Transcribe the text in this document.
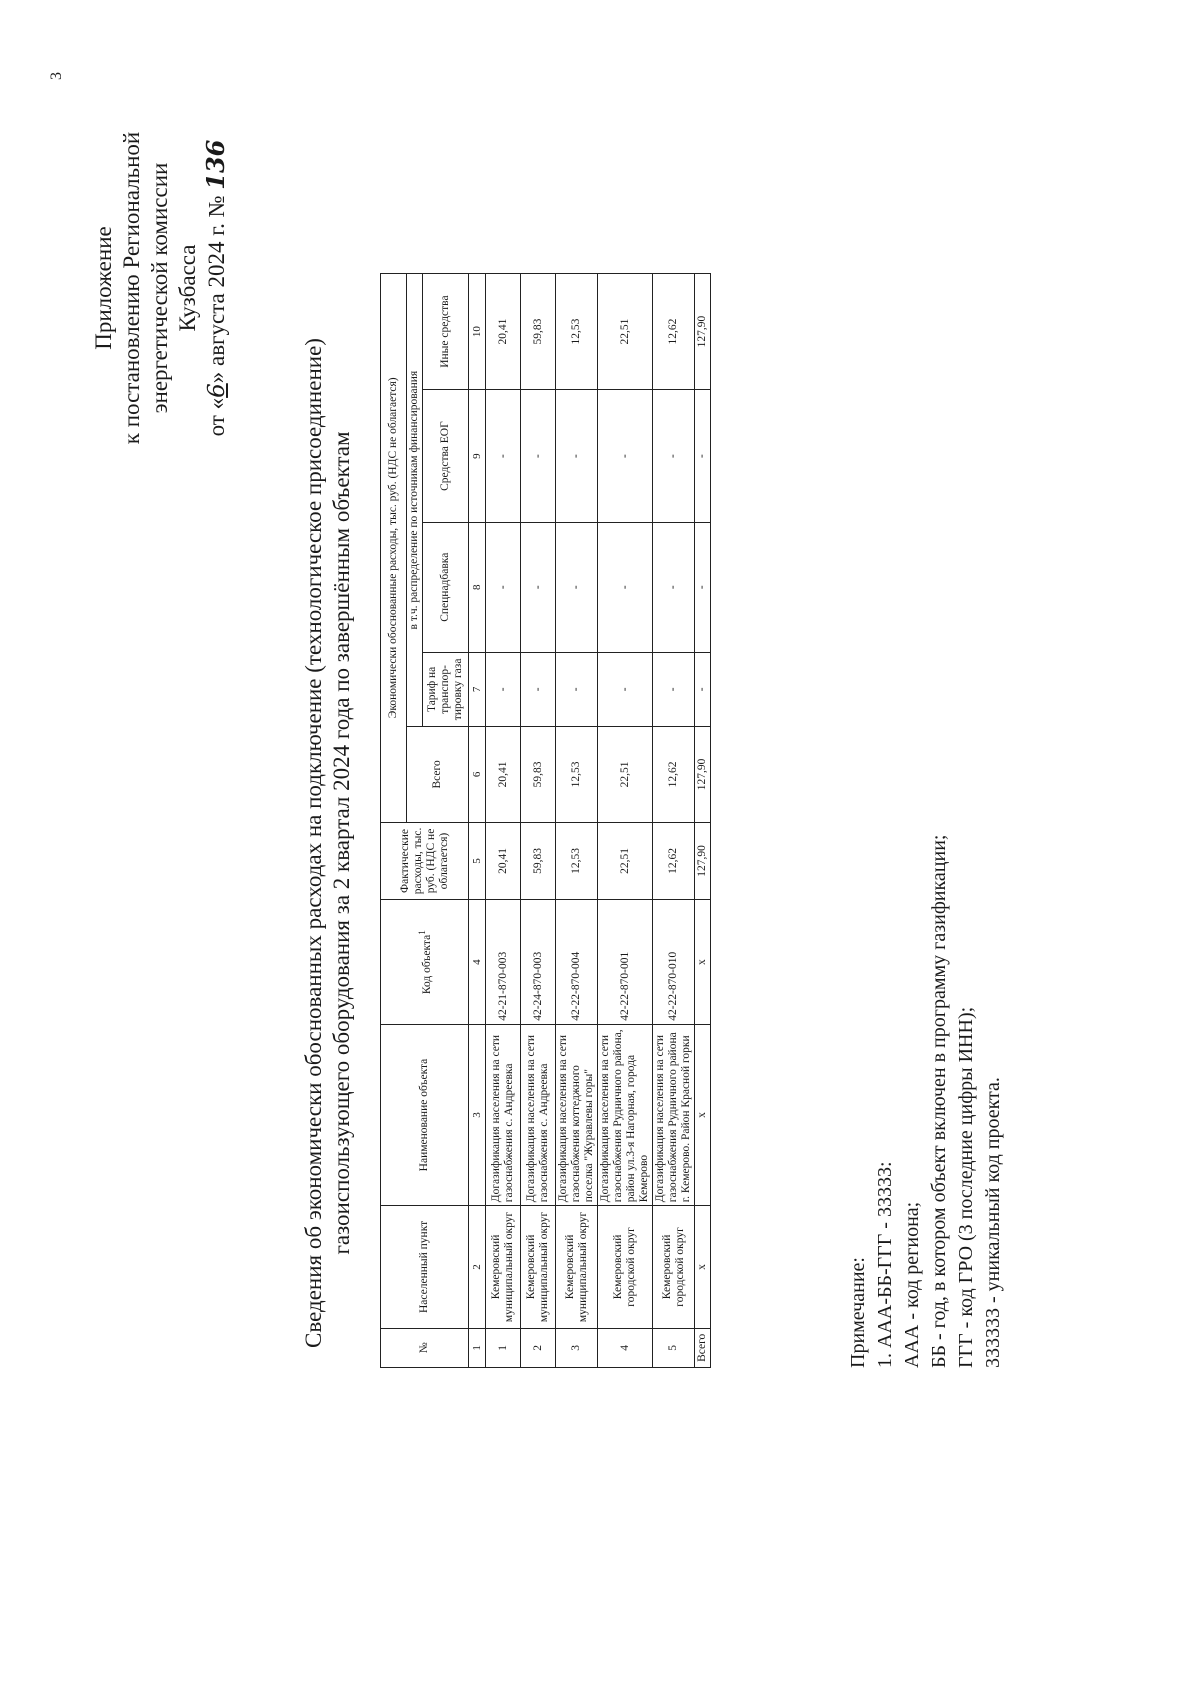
3
Приложение к постановлению Региональной энергетической комиссии Кузбасса
от «6» августа 2024 г. № 136
Сведения об экономически обоснованных расходах на подключение (технологическое присоединение) газоиспользующего оборудования за 2 квартал 2024 года по завершённым объектам
№	Населенный пункт	Наименование объекта	Код объекта$^1$	Фактические расходы, тыс. руб. (НДС не облагается)	Экономически обоснованные расходы, тыс. руб. (НДС не облагается)				
					Всего	в т.ч. распределение по источникам финансирования			
						Тариф на транспор-тировку газа	Спецнадбавка	Средства ЕОГ	Иные средства
1	2	3	4	5	6	7	8	9	10
1	Кемеровский муниципальный округ	Догазификация населения на сети газоснабжения с. Андреевка	42-21-870-003	20,41	20,41	-	-	-	20,41
2	Кемеровский муниципальный округ	Догазификация населения на сети газоснабжения с. Андреевка	42-24-870-003	59,83	59,83	-	-	-	59,83
3	Кемеровский муниципальный округ	Догазификация населения на сети газоснабжения коттеджного поселка "Журавлевы горы"	42-22-870-004	12,53	12,53	-	-	-	12,53
4	Кемеровский городской округ	Догазификация населения на сети газоснабжения Рудничного района, район ул.3-я Нагорная, города Кемерово	42-22-870-001	22,51	22,51	-	-	-	22,51
5	Кемеровский городской округ	Догазификация населения на сети газоснабжения Рудничного района г. Кемерово. Район Красной горки	42-22-870-010	12,62	12,62	-	-	-	12,62
Всего	x	x	x	127,90	127,90	-	-	-	127,90
Примечание: 1. ААА-ББ-ГГГ - 33333: ААА - код региона; ББ - год, в котором объект включен в программу газификации; ГГГ - код ГРО (3 последние цифры ИНН); 333333 - уникальный код проекта.
